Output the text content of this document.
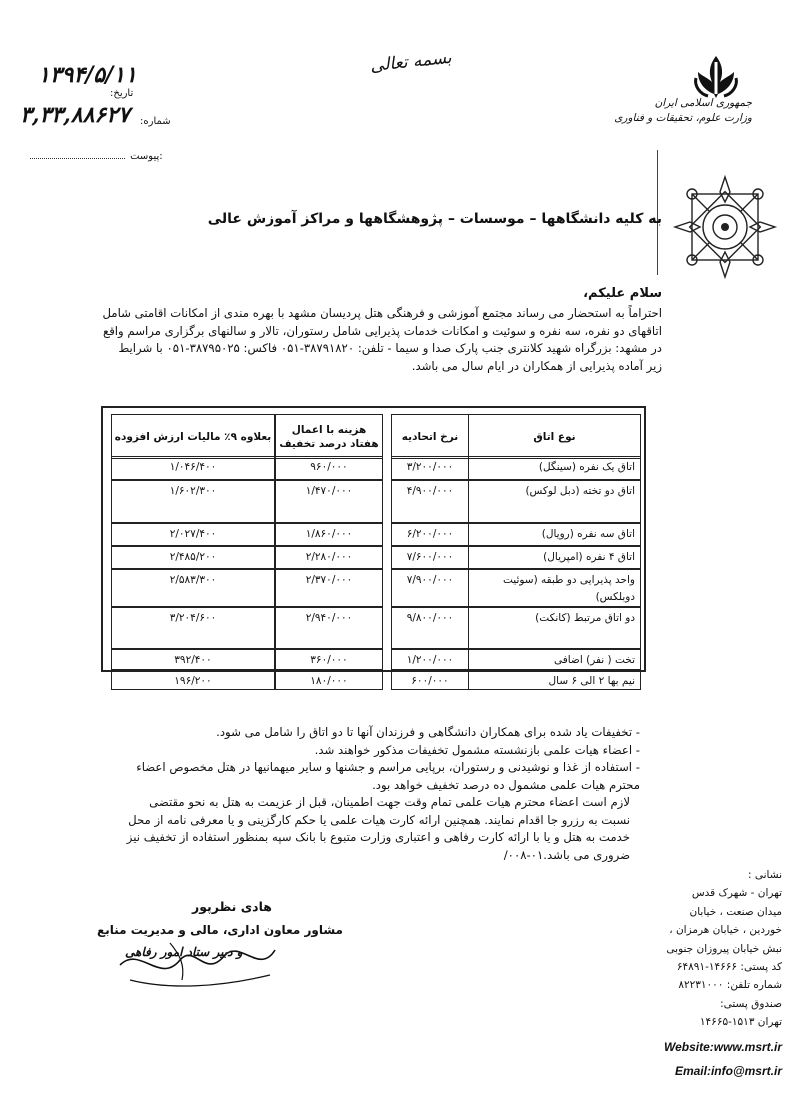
۱۳۹۴/۵/۱۱
تاریخ:
۳,۳۳,۸۸۶۲۷ شماره:
پیوست:
بسمه تعالی
جمهوری اسلامی ایران
وزارت علوم، تحقیقات و فناوری
به کلیه دانشگاهها – موسسات – پژوهشگاهها و مراکز آموزش عالی
سلام علیکم،
احتراماً به استحضار می رساند مجتمع آموزشی و فرهنگی هتل پردیسان مشهد با بهره مندی از امکانات اقامتی شامل اتاقهای دو نفره، سه نفره و سوئیت و امکانات خدمات پذیرایی شامل رستوران، تالار و سالنهای برگزاری مراسم واقع در مشهد: بزرگراه شهید کلانتری جنب پارک صدا و سیما - تلفن: ۳۸۷۹۱۸۲۰-۰۵۱ فاکس: ۳۸۷۹۵۰۲۵-۰۵۱ با شرایط زیر آماده پذیرایی از همکاران در ایام سال می باشد.
نوع اتاق
نرخ اتحادیه
هزینه با اعمال هفتاد درصد تخفیف
بعلاوه ۹٪ مالیات ارزش افزوده
اتاق یک نفره (سینگل)
۳/۲۰۰/۰۰۰
۹۶۰/۰۰۰
۱/۰۴۶/۴۰۰
اتاق دو تخته (دبل لوکس)
۴/۹۰۰/۰۰۰
۱/۴۷۰/۰۰۰
۱/۶۰۲/۳۰۰
اتاق سه نفره (رویال)
۶/۲۰۰/۰۰۰
۱/۸۶۰/۰۰۰
۲/۰۲۷/۴۰۰
اتاق ۴ نفره (امپریال)
۷/۶۰۰/۰۰۰
۲/۲۸۰/۰۰۰
۲/۴۸۵/۲۰۰
واحد پذیرایی دو طبقه (سوئیت دوبلکس)
۷/۹۰۰/۰۰۰
۲/۳۷۰/۰۰۰
۲/۵۸۳/۳۰۰
دو اتاق مرتبط (کانکت)
۹/۸۰۰/۰۰۰
۲/۹۴۰/۰۰۰
۳/۲۰۴/۶۰۰
تخت ( نفر) اضافی
۱/۲۰۰/۰۰۰
۳۶۰/۰۰۰
۳۹۲/۴۰۰
نیم بها ۲ الی ۶ سال
۶۰۰/۰۰۰
۱۸۰/۰۰۰
۱۹۶/۲۰۰

- تخفیفات یاد شده برای همکاران دانشگاهی و فرزندان آنها تا دو اتاق را شامل می شود.

- اعضاء هیات علمی بازنشسته مشمول تخفیفات مذکور خواهند شد.

- استفاده از غذا و نوشیدنی و رستوران، برپایی مراسم و جشنها و سایر میهمانیها در هتل مخصوص اعضاء محترم هیات علمی مشمول ده درصد تخفیف خواهد بود.

لازم است اعضاء محترم هیات علمی تمام وقت جهت اطمینان، قبل از عزیمت به هتل به نحو مقتضی نسبت به رزرو جا اقدام نمایند. همچنین ارائه کارت هیات علمی یا حکم کارگزینی و یا معرفی نامه از محل خدمت به هتل و یا با ارائه کارت رفاهی و اعتباری وزارت متبوع با بانک سپه بمنظور استفاده از تخفیف نیز ضروری می باشد.۰۱-۰۰۸/

هادی نظرپور
مشاور معاون اداری، مالی و مدیریت منابع
و دبیر ستاد امور رفاهی
نشانی :
تهران - شهرک قدس
میدان صنعت ، خیابان
خوردین ، خیابان هرمزان ،
نبش خیابان پیروزان جنوبی
کد پستی: ۱۴۶۶۶-۶۴۸۹۱
شماره تلفن: ۸۲۲۳۱۰۰۰
صندوق پستی:
تهران ۱۵۱۳-۱۴۶۶۵
Website:www.msrt.ir
Email:info@msrt.ir
